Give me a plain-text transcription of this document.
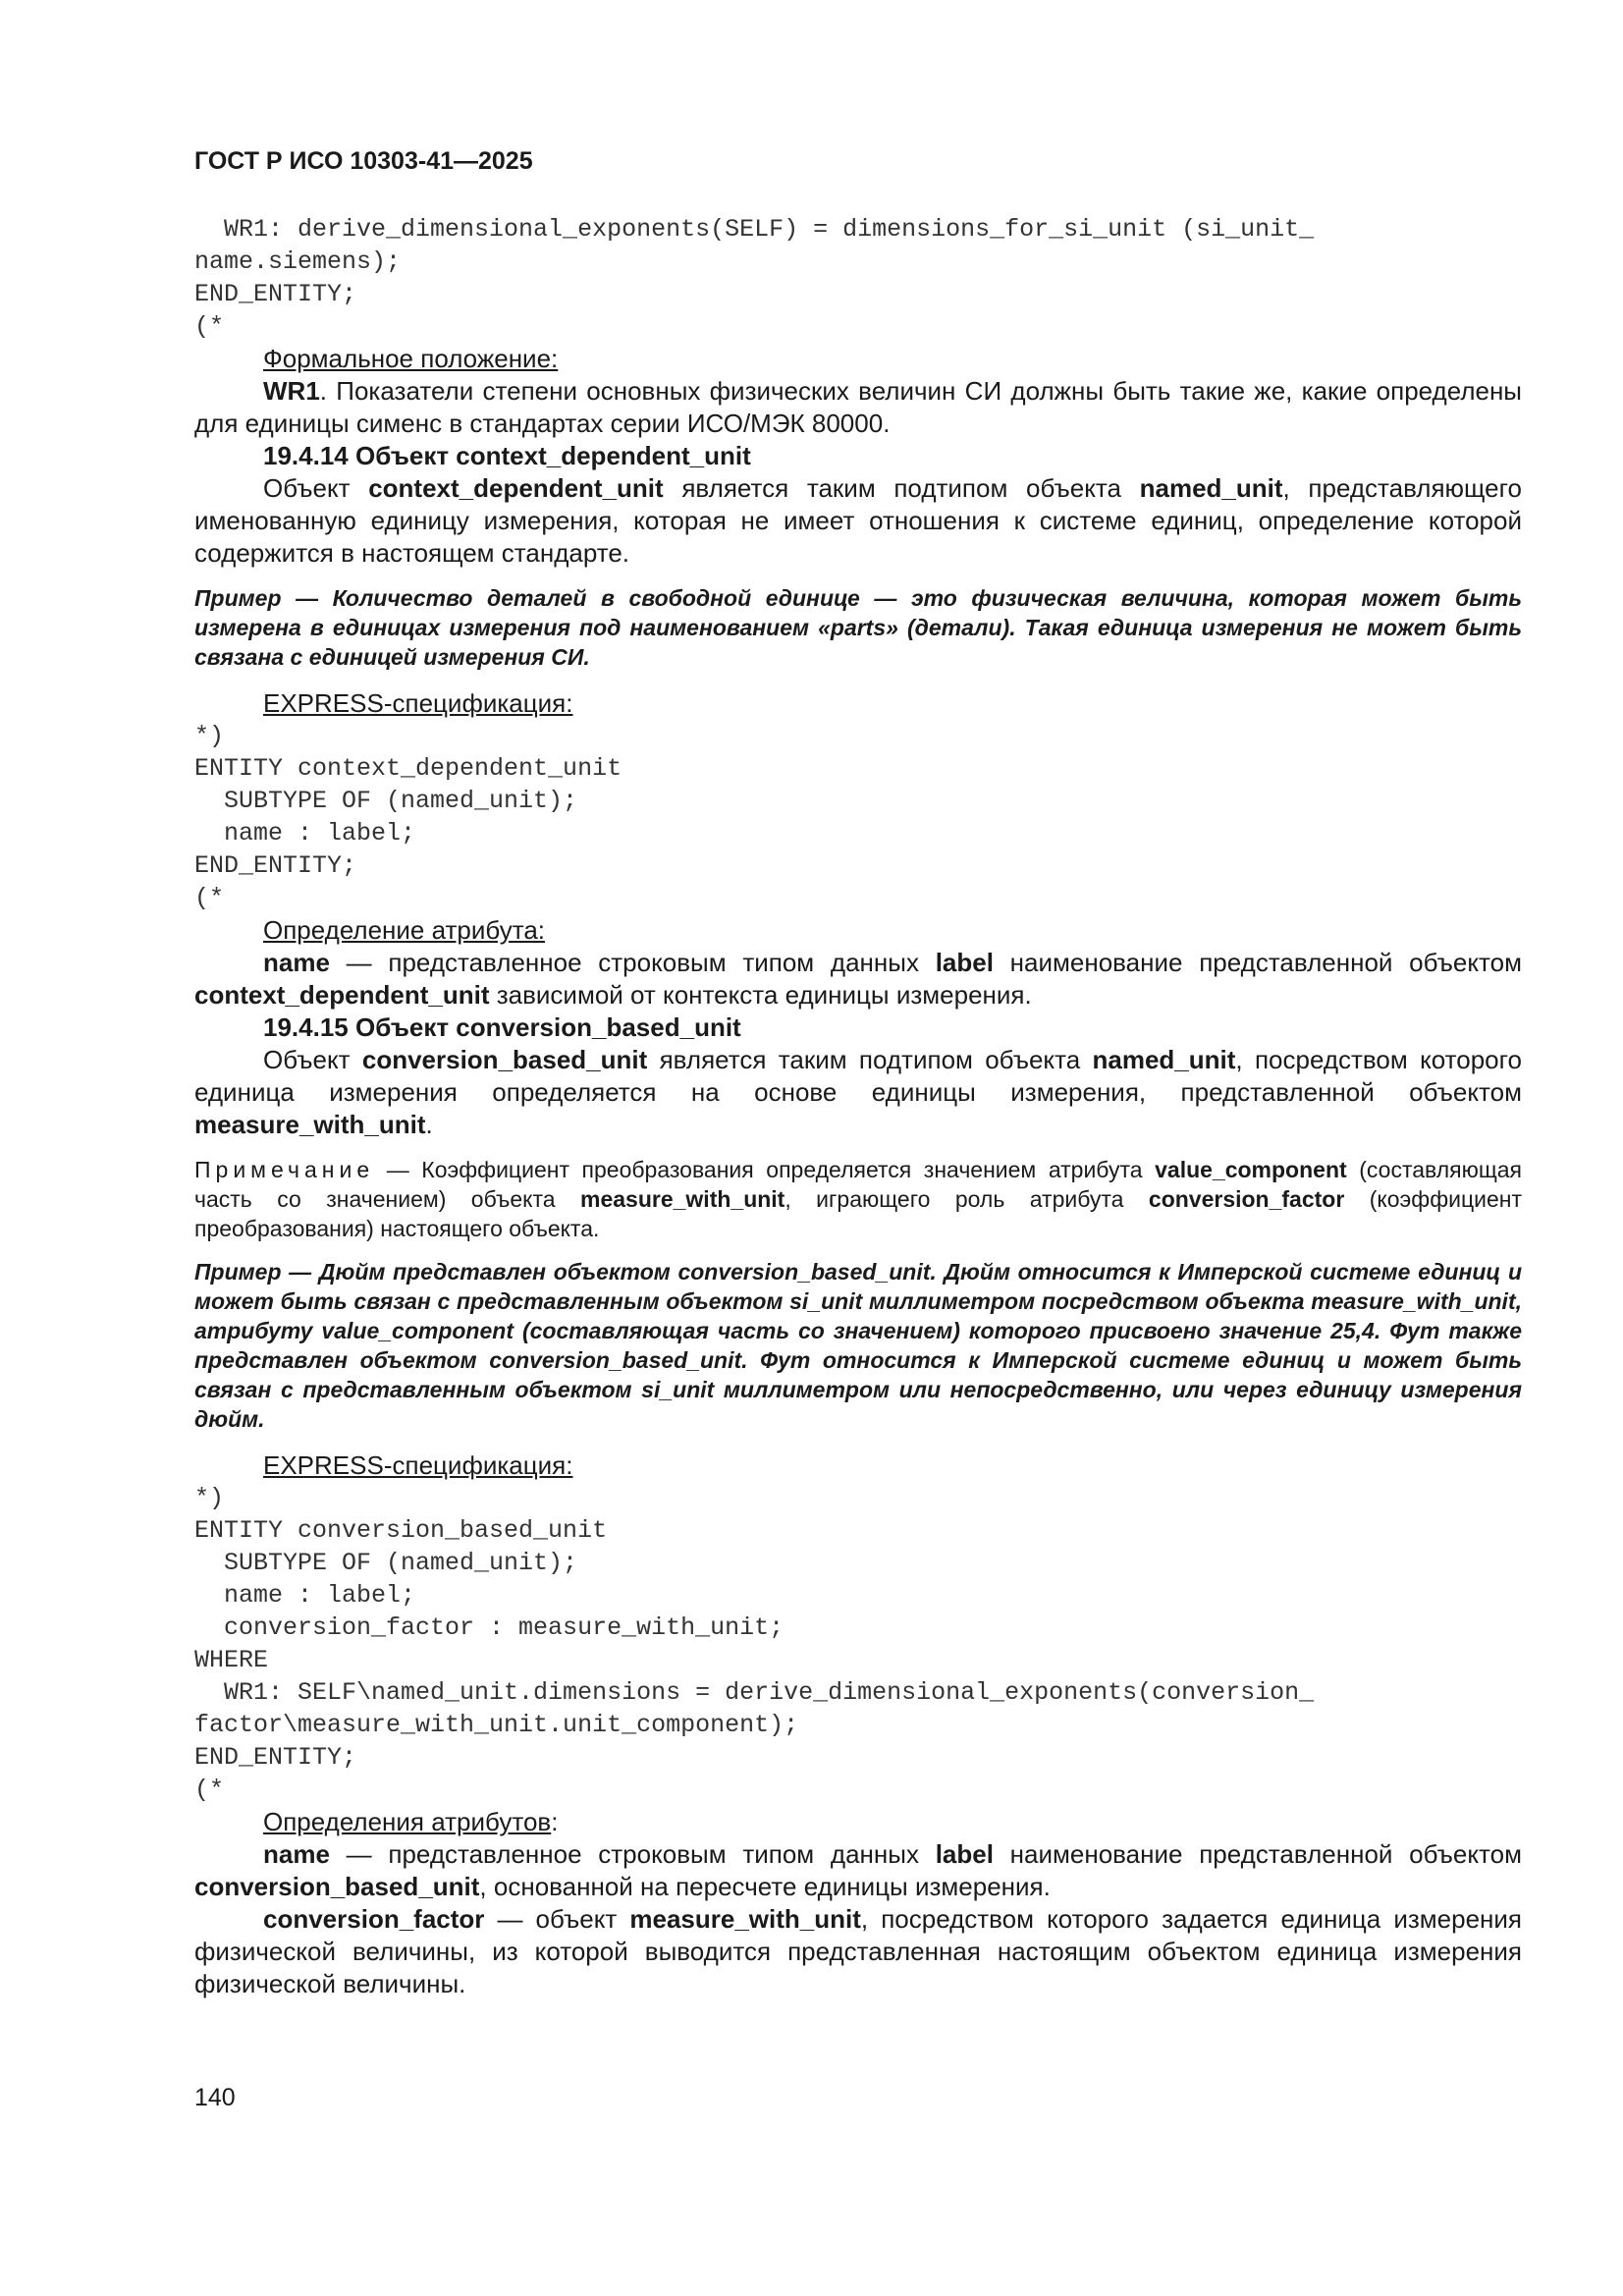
ГОСТ Р ИСО 10303-41—2025
WR1: derive_dimensional_exponents(SELF) = dimensions_for_si_unit (si_unit_
name.siemens);
END_ENTITY;
(*

Формальное положение:

WR1. Показатели степени основных физических величин СИ должны быть такие же, какие определены для единицы сименс в стандартах серии ИСО/МЭК 80000.

19.4.14 Объект context_dependent_unit

Объект context_dependent_unit является таким подтипом объекта named_unit, представляющего именованную единицу измерения, которая не имеет отношения к системе единиц, определение которой содержится в настоящем стандарте.

Пример — Количество деталей в свободной единице — это физическая величина, которая может быть измерена в единицах измерения под наименованием «parts» (детали). Такая единица измерения не может быть связана с единицей измерения СИ.

EXPRESS-спецификация:

*)
ENTITY context_dependent_unit
SUBTYPE OF (named_unit);
name : label;
END_ENTITY;
(*

Определение атрибута:

name — представленное строковым типом данных label наименование представленной объектом context_dependent_unit зависимой от контекста единицы измерения.

19.4.15 Объект conversion_based_unit

Объект conversion_based_unit является таким подтипом объекта named_unit, посредством которого единица измерения определяется на основе единицы измерения, представленной объектом measure_with_unit.

Примечание — Коэффициент преобразования определяется значением атрибута value_component (составляющая часть со значением) объекта measure_with_unit, играющего роль атрибута conversion_factor (коэффициент преобразования) настоящего объекта.

Пример — Дюйм представлен объектом conversion_based_unit. Дюйм относится к Имперской системе единиц и может быть связан с представленным объектом si_unit миллиметром посредством объекта measure_with_unit, атрибуту value_component (составляющая часть со значением) которого присвоено значение 25,4. Фут также представлен объектом conversion_based_unit. Фут относится к Имперской системе единиц и может быть связан с представленным объектом si_unit миллиметром или непосредственно, или через единицу измерения дюйм.

EXPRESS-спецификация:

*)
ENTITY conversion_based_unit
SUBTYPE OF (named_unit);
name : label;
conversion_factor : measure_with_unit;
WHERE
WR1: SELF\named_unit.dimensions = derive_dimensional_exponents(conversion_
factor\measure_with_unit.unit_component);
END_ENTITY;
(*

Определения атрибутов:

name — представленное строковым типом данных label наименование представленной объектом conversion_based_unit, основанной на пересчете единицы измерения.

conversion_factor — объект measure_with_unit, посредством которого задается единица измерения физической величины, из которой выводится представленная настоящим объектом единица измерения физической величины.

140
